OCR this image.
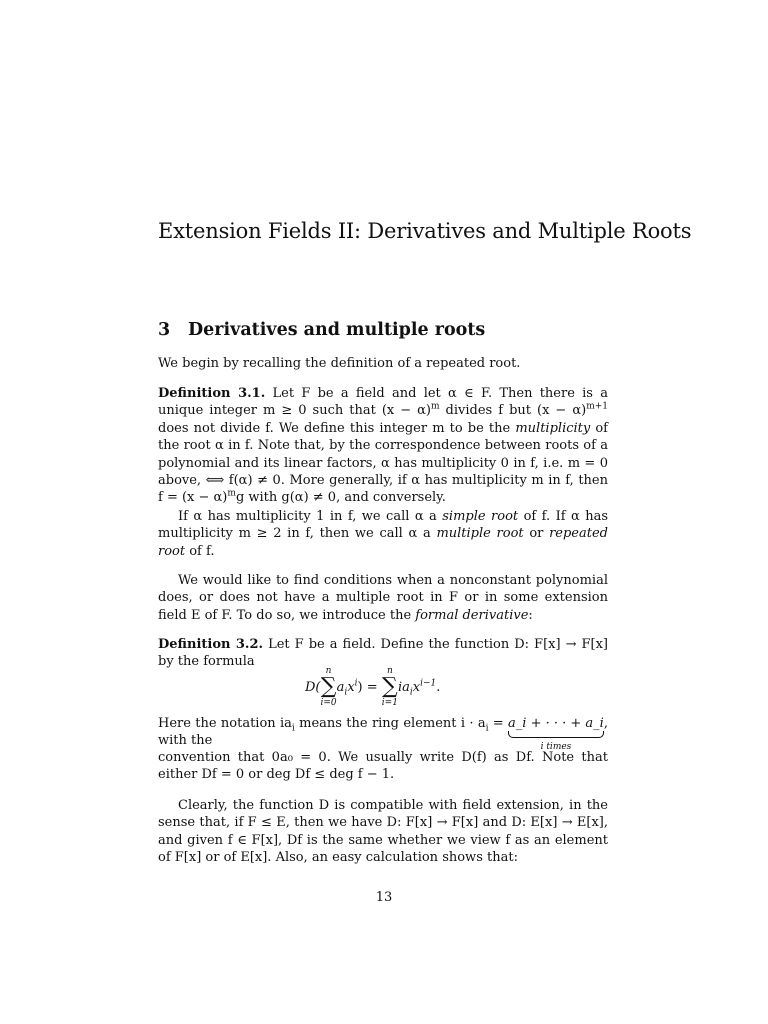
Extension Fields II: Derivatives and Multiple Roots
3 Derivatives and multiple roots

We begin by recalling the definition of a repeated root.

Definition 3.1. Let F be a field and let α ∈ F. Then there is a unique integer m ≥ 0 such that $(x - \alpha)^m$ divides f but $(x - \alpha)^{m+1}$ does not divide f. We define this integer m to be the multiplicity of the root α in f. Note that, by the correspondence between roots of a polynomial and its linear factors, α has multiplicity 0 in f, i.e. m = 0 above, ⟺ f(α) ≠ 0. More generally, if α has multiplicity m in f, then $f = (x - \alpha)^mg$ with g(α) ≠ 0, and conversely.

If α has multiplicity 1 in f, we call α a simple root of f. If α has multiplicity m ≥ 2 in f, then we call α a multiple root or repeated root of f.

We would like to find conditions when a nonconstant polynomial does, or does not have a multiple root in F or in some extension field E of F. To do so, we introduce the formal derivative:

Definition 3.2. Let F be a field. Define the function D: F[x] → F[x] by the formula

D(
n
∑
i=0
$a_ix^i$) =
n
∑
i=1
$ia_ix^{i-1}$.

Here the notation $ia_i$ means the ring element $i \cdot a_i$ = a_i + · · · + a_i
i times
, with the

convention that 0a₀ = 0. We usually write D(f) as Df. Note that either Df = 0 or deg Df ≤ deg f − 1.

Clearly, the function D is compatible with field extension, in the sense that, if F ≤ E, then we have D: F[x] → F[x] and D: E[x] → E[x], and given f ∈ F[x], Df is the same whether we view f as an element of F[x] or of E[x]. Also, an easy calculation shows that:

13
